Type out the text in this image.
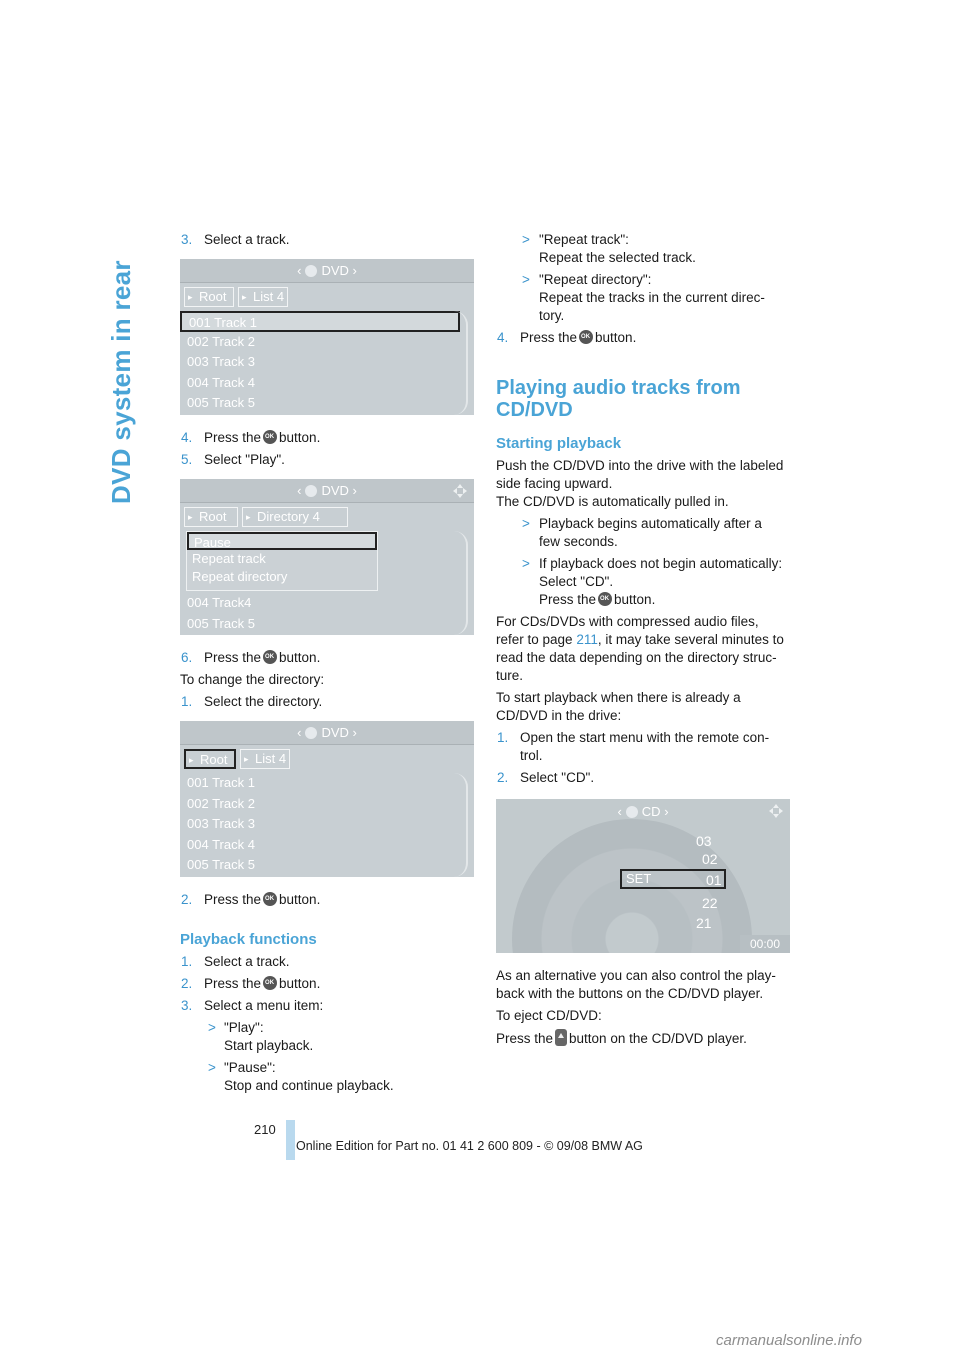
DVD system in rear
3. Select a track.
‹ DVD ›
▸ Root	▸ List 4
001 Track 1
002 Track 2
003 Track 3
004 Track 4
005 Track 5
4. Press the OK button.
5. Select "Play".
‹ DVD ›
▸ Root	▸ Directory 4
Pause
Repeat track
Repeat directory
004 Track4
005 Track 5
6. Press the OK button.
To change the directory:
1. Select the directory.
‹ DVD ›
▸ Root	▸ List 4
001 Track 1
002 Track 2
003 Track 3
004 Track 4
005 Track 5
2. Press the OK button.
Playback functions
1. Select a track.
2. Press the OK button.
3. Select a menu item:
> "Play":
Start playback.
> "Pause":
Stop and continue playback.
> "Repeat track":
Repeat the selected track.
> "Repeat directory":
Repeat the tracks in the current direc-
tory.
4. Press the OK button.
Playing audio tracks from
CD/DVD
Starting playback
Push the CD/DVD into the drive with the labeled
side facing upward.
The CD/DVD is automatically pulled in.
> Playback begins automatically after a
few seconds.
> If playback does not begin automatically:
Select "CD".
Press the OK button.
For CDs/DVDs with compressed audio files,
refer to page 211, it may take several minutes to
read the data depending on the directory struc-
ture.
To start playback when there is already a
CD/DVD in the drive:
1. Open the start menu with the remote con-
trol.
2. Select "CD".
‹ CD ›
03
02
SET	01
22
21
00:00
As an alternative you can also control the play-
back with the buttons on the CD/DVD player.
To eject CD/DVD:
Press the button on the CD/DVD player.
210
Online Edition for Part no. 01 41 2 600 809 - © 09/08 BMW AG
carmanualsonline.info
